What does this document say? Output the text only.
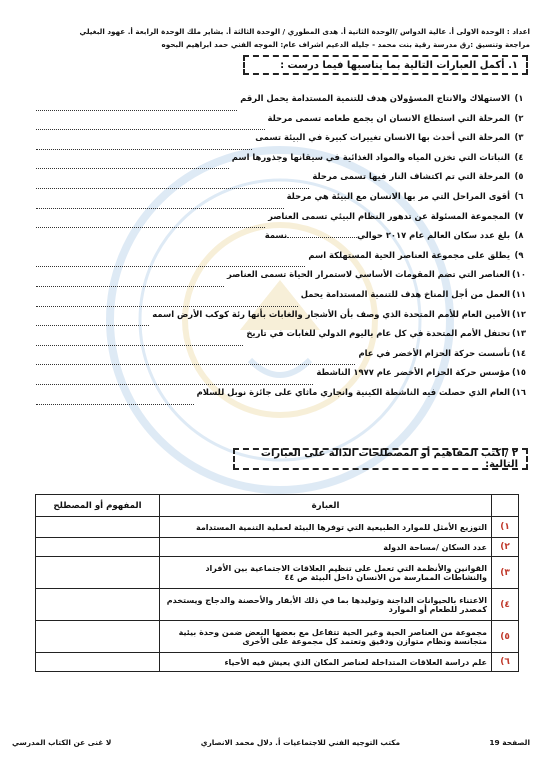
اعداد : الوحدة الاولى أ. عالية الدواس /الوحدة الثانية أ. هدى المطوري / الوحدة الثالثة أ. بشاير ملك الوحدة الرابعة أ. عهود البغيلي
مراجعة وتنسيق :رق مدرسة رقية بنت محمد - جليله الدعيم اشراف عام: الموجه الفني حمد ابراهيم البحوه
١. أكمل العبارات التالية بما يناسبها فيما درست :
١)
الاستهلاك والانتاج المسؤولان هدف للتنمية المستدامة يحمل الرقم
٢)
المرحلة التي استطاع الانسان ان يجمع طعامه تسمى مرحلة
٣)
المرحلة التي أحدث بها الانسان تغييرات كبيرة في البيئة تسمى
٤)
النباتات التي تخزن المياه والمواد الغذائية في سيقانها وجذورها اسم
٥)
المرحلة التي تم اكتشاف النار فيها تسمى مرحلة
٦)
أقوى المراحل التي مر بها الانسان مع البيئة هي مرحلة
٧)
المجموعة المسئولة عن تدهور النظام البيئي تسمى العناصر
٨)
بلغ عدد سكان العالم عام ٢٠١٧ حوالي
نسمة
٩)
يطلق على مجموعة العناصر الحية المستهلكة اسم
١٠)
العناصر التي تضم المقومات الأساسي لاستمرار الحياة تسمى العناصر
١١)
العمل من أجل المناخ هدف للتنمية المستدامة يحمل
١٢)
الأمين العام للأمم المتحدة الذي وصف بأن الأشجار والغابات بأنها رئة كوكب الأرض اسمه
١٣)
تحتفل الأمم المتحدة في كل عام باليوم الدولي للغابات في تاريخ
١٤)
تأسست حركة الحزام الأخضر في عام
١٥)
مؤسس حركة الحزام الأخضر عام ١٩٧٧ الناشطة
١٦)
العام الذي حصلت فيه الناشطة الكينية وانجاري ماثاي على جائزة نوبل للسلام
٢ /اكتب المفاهيم أو المصطلحات الدالة على العبارات التالية:
	العبارة	المفهوم أو المصطلح
١)	التوزيع الأمثل للموارد الطبيعية التي توفرها البيئة لعملية التنمية المستدامة	
٢)	عدد السكان /مساحة الدولة	
٣)	القوانين والأنظمة التي تعمل على تنظيم العلاقات الاجتماعية بين الأفراد والنشاطات الممارسة من الانسان داخل البيئة ص ٤٤	
٤)	الاعتناء بالحيوانات الداجنة وتوليدها بما في ذلك الأبقار والأحصنة والدجاج ويستخدم كمصدر للطعام أو الموارد	
٥)	مجموعة من العناصر الحية وغير الحية تتفاعل مع بعضها البعض ضمن وحدة بيئية متجانسة ونظام متوازن ودقيق وتعتمد كل مجموعة على الأخرى	
٦)	علم دراسة العلاقات المتداخلة لعناصر المكان الذي يعيش فيه الأحياء	
الصفحة 19
مكتب التوجيه الفني للاجتماعيات أ. دلال محمد الانصاري
لا غنى عن الكتاب المدرسي
